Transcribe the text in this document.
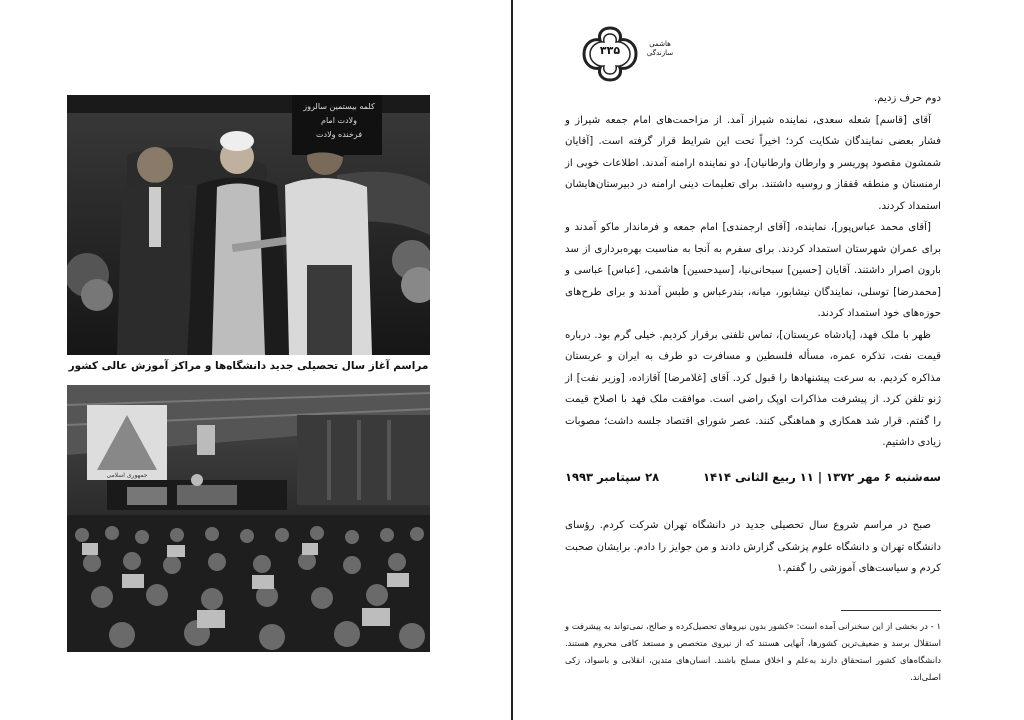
کلمه بیستمین سالروز
ولادت امام
فرخنده ولادت
مراسم آغاز سال تحصیلی جدید دانشگاه‌ها و مراکز آموزش عالی کشور
جمهوری اسلامی
۳۳۵	هاشمی سازندگی

دوم حرف زدیم.

آقای [قاسم] شعله سعدی، نماینده شیراز آمد. از مزاحمت‌های امام جمعه شیراز و فشار بعضی نمایندگان شکایت کرد؛ اخیراً تحت این شرایط قرار گرفته است. [آقایان شمشون مقصود پوریسر و وارطان وارطانیان]، دو نماینده ارامنه آمدند. اطلاعات خوبی از ارمنستان و منطقه قفقاز و روسیه داشتند. برای تعلیمات دینی ارامنه در دبیرستان‌هایشان استمداد کردند.

[آقای محمد عباس‌پور]، نماینده، [آقای ارجمندی] امام جمعه و فرماندار ماکو آمدند و برای عمران شهرستان استمداد کردند. برای سفرم به آنجا به مناسبت بهره‌برداری از سد بارون اصرار داشتند. آقایان [حسین] سبحانی‌نیا، [سیدحسین] هاشمی، [عباس] عباسی و [محمدرضا] توسلی، نمایندگان نیشابور، میانه، بندرعباس و طبس آمدند و برای طرح‌های حوزه‌های خود استمداد کردند.

ظهر با ملک فهد، [پادشاه عربستان]، تماس تلفنی برقرار کردیم. خیلی گرم بود. درباره قیمت نفت، تذکره عمره، مسأله فلسطین و مسافرت دو طرف به ایران و عربستان مذاکره کردیم. به سرعت پیشنهادها را قبول کرد. آقای [غلامرضا] آقازاده، [وزیر نفت] از ژنو تلفن کرد. از پیشرفت مذاکرات اوپک راضی است. موافقت ملک فهد با اصلاح قیمت را گفتم. قرار شد همکاری و هماهنگی کنند. عصر شورای اقتصاد جلسه داشت؛ مصوبات زیادی داشتیم.

سه‌شنبه ۶ مهر ۱۳۷۲ | ۱۱ ربیع الثانی ۱۴۱۴
۲۸ سپتامبر ۱۹۹۳

صبح در مراسم شروع سال تحصیلی جدید در دانشگاه تهران شرکت کردم. رؤسای دانشگاه تهران و دانشگاه علوم پزشکی گزارش دادند و من جوایز را دادم. برایشان صحبت کردم و سیاست‌های آموزشی را گفتم.۱

۱ - در بخشی از این سخنرانی آمده است: «کشور بدون نیروهای تحصیل‌کرده و صالح، نمی‌تواند به پیشرفت و استقلال برسد و ضعیف‌ترین کشورها، آنهایی هستند که از نیروی متخصص و مستعد کافی محروم هستند. دانشگاه‌های کشور استحقاق دارند به‌علم و اخلاق مسلح باشند. انسان‌های متدین، انقلابی و باسواد، زکی اصلی‌اند.
